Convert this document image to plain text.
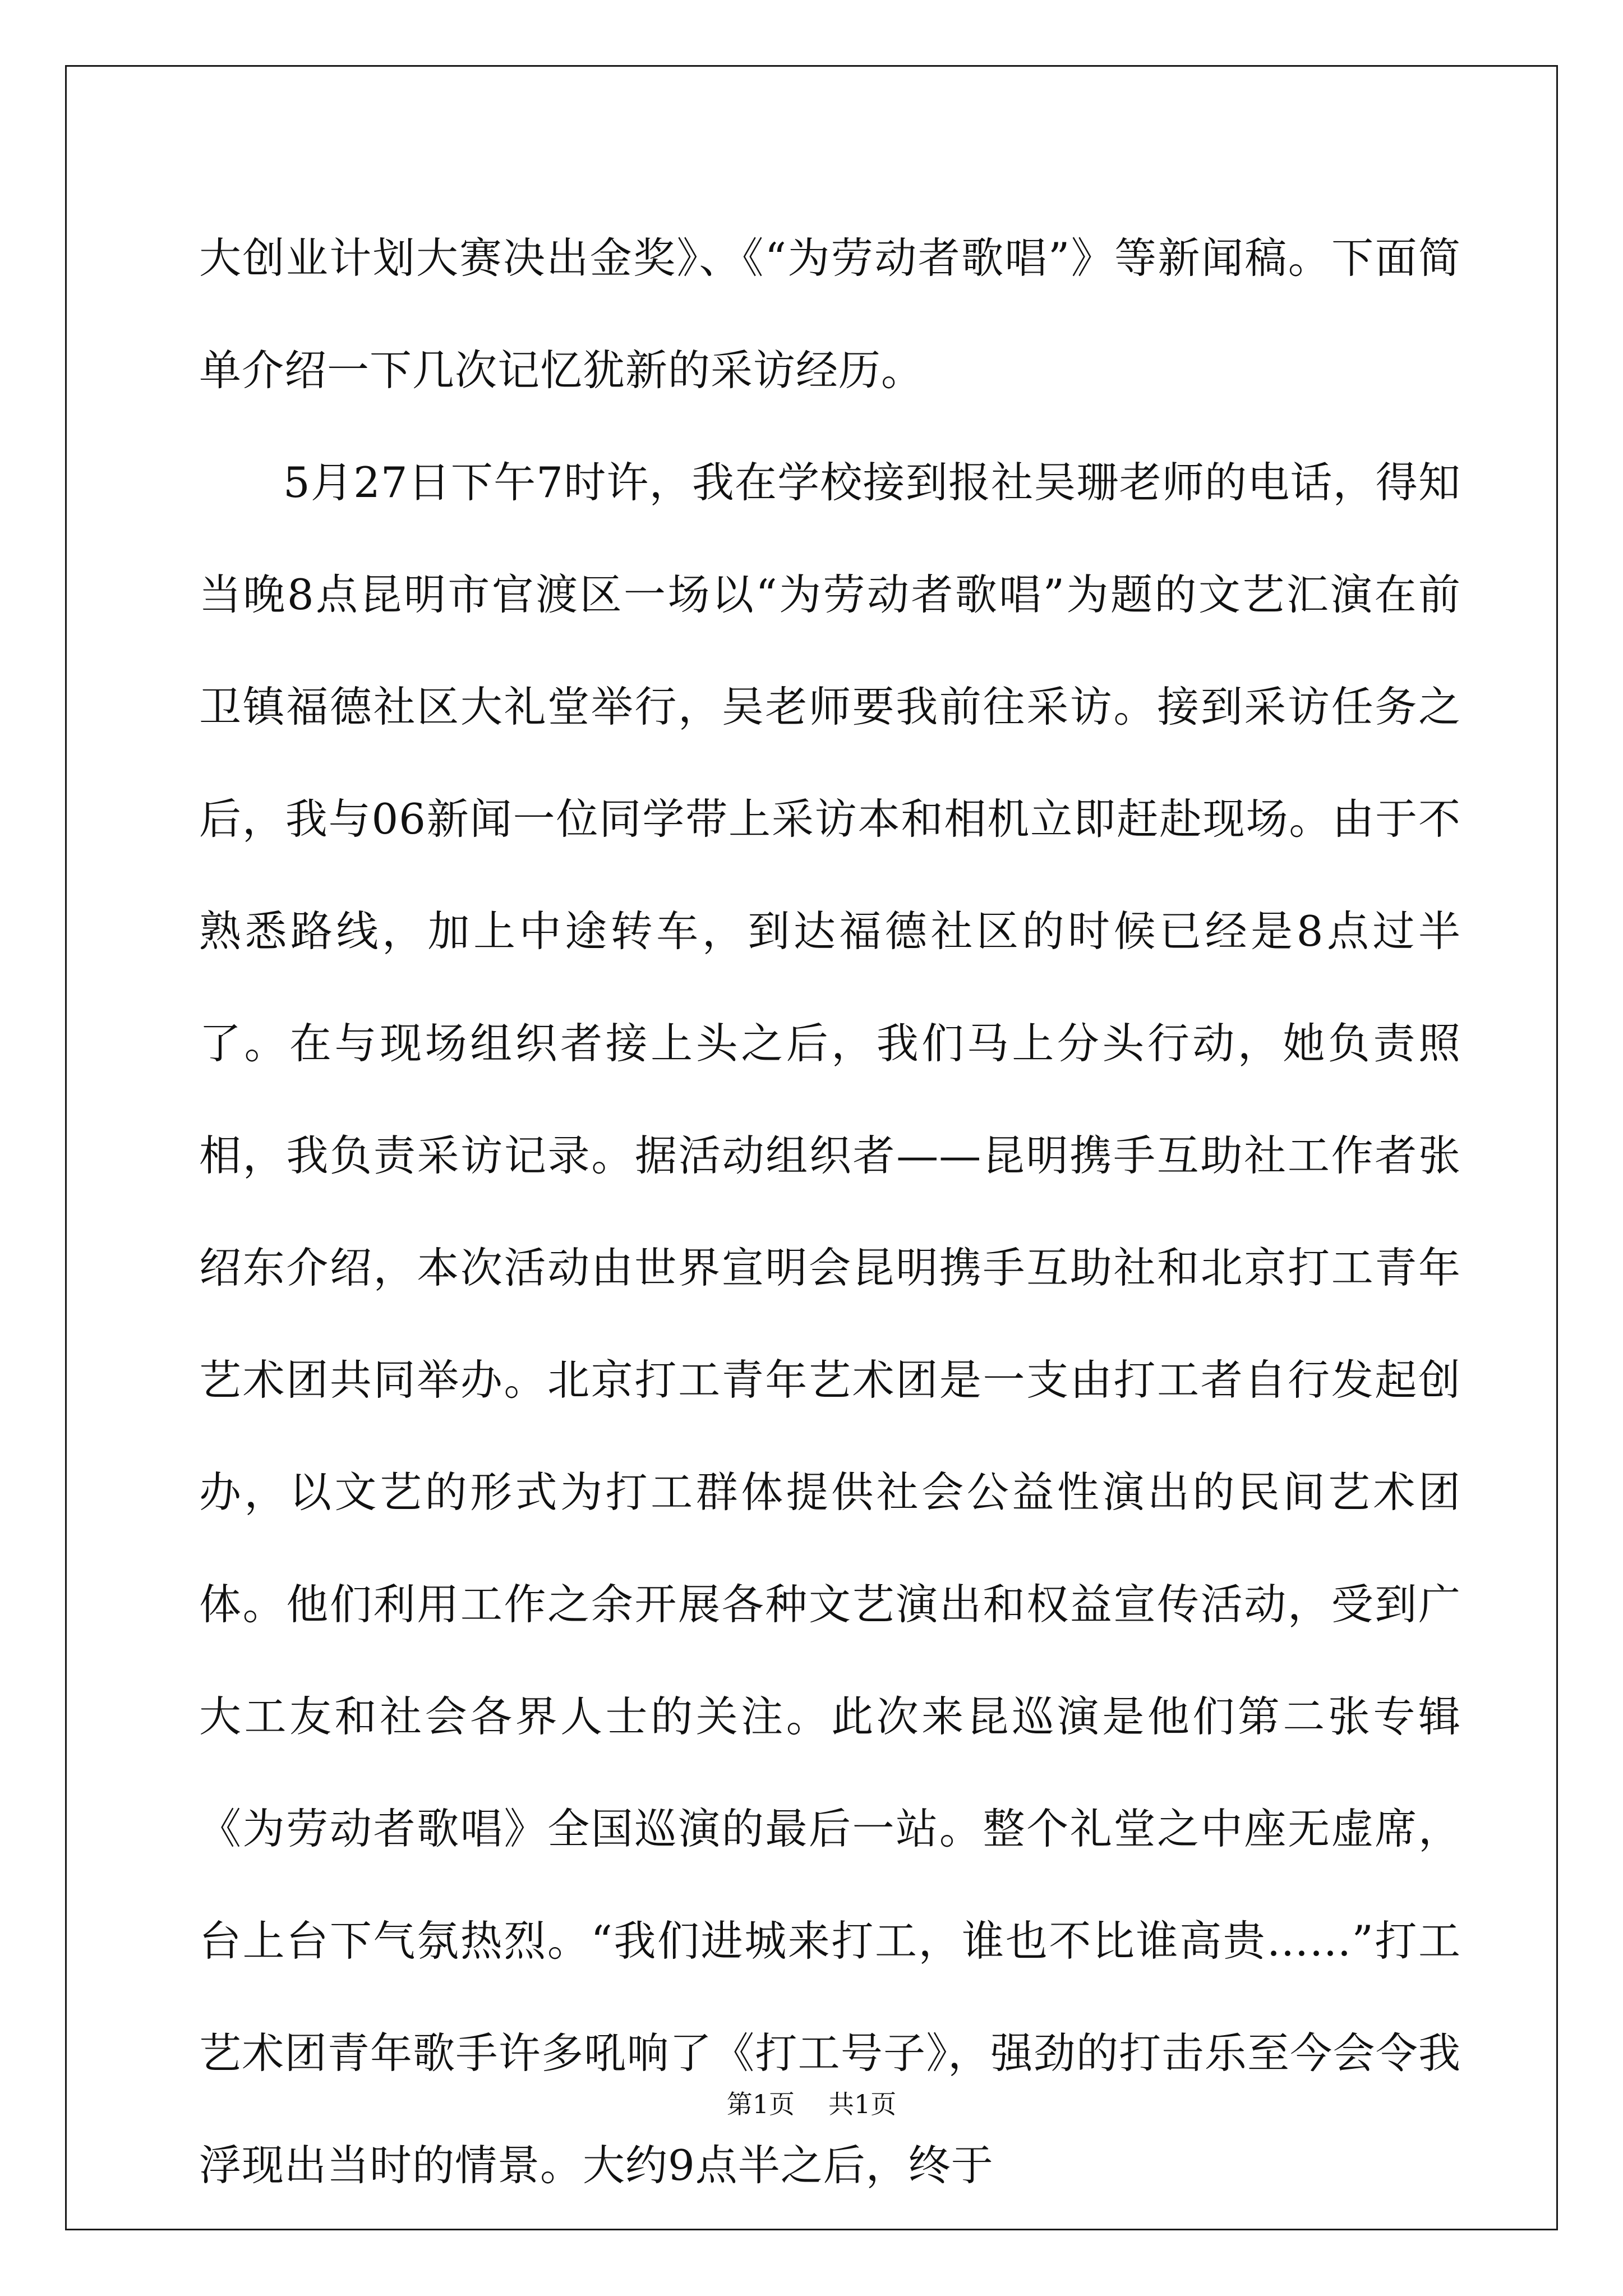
大创业计划大赛决出金奖》、《“为劳动者歌唱”》等新闻稿。下面简单介绍一下几次记忆犹新的采访经历。

5月27日下午7时许，我在学校接到报社吴珊老师的电话，得知当晚8点昆明市官渡区一场以“为劳动者歌唱”为题的文艺汇演在前卫镇福德社区大礼堂举行，吴老师要我前往采访。接到采访任务之后，我与06新闻一位同学带上采访本和相机立即赶赴现场。由于不熟悉路线，加上中途转车，到达福德社区的时候已经是8点过半了。在与现场组织者接上头之后，我们马上分头行动，她负责照相，我负责采访记录。据活动组织者——昆明携手互助社工作者张绍东介绍，本次活动由世界宣明会昆明携手互助社和北京打工青年艺术团共同举办。北京打工青年艺术团是一支由打工者自行发起创办，以文艺的形式为打工群体提供社会公益性演出的民间艺术团体。他们利用工作之余开展各种文艺演出和权益宣传活动，受到广大工友和社会各界人士的关注。此次来昆巡演是他们第二张专辑《为劳动者歌唱》全国巡演的最后一站。整个礼堂之中座无虚席，台上台下气氛热烈。“我们进城来打工，谁也不比谁高贵……”打工艺术团青年歌手许多吼响了《打工号子》，强劲的打击乐至今会令我浮现出当时的情景。大约9点半之后，终于

第1页 共1页
